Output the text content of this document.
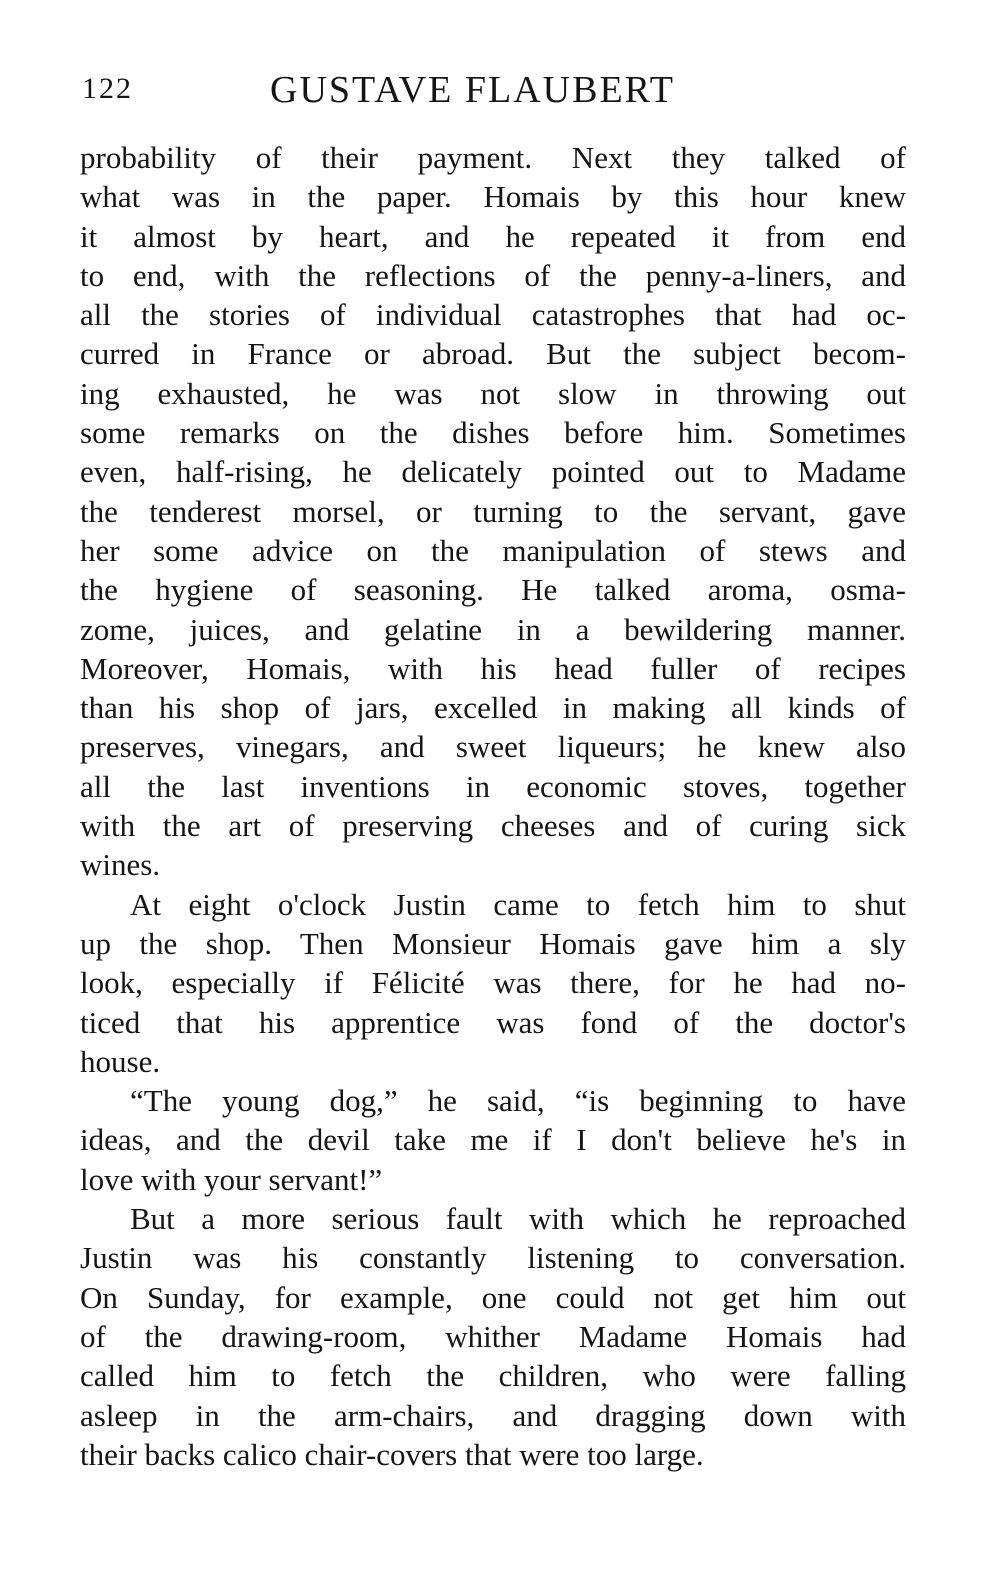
122	GUSTAVE FLAUBERT
probability of their payment. Next they talked of
what was in the paper. Homais by this hour knew
it almost by heart, and he repeated it from end
to end, with the reflections of the penny-a-liners, and
all the stories of individual catastrophes that had oc-
curred in France or abroad. But the subject becom-
ing exhausted, he was not slow in throwing out
some remarks on the dishes before him. Sometimes
even, half-rising, he delicately pointed out to Madame
the tenderest morsel, or turning to the servant, gave
her some advice on the manipulation of stews and
the hygiene of seasoning. He talked aroma, osma-
zome, juices, and gelatine in a bewildering manner.
Moreover, Homais, with his head fuller of recipes
than his shop of jars, excelled in making all kinds of
preserves, vinegars, and sweet liqueurs; he knew also
all the last inventions in economic stoves, together
with the art of preserving cheeses and of curing sick
wines.
At eight o'clock Justin came to fetch him to shut
up the shop. Then Monsieur Homais gave him a sly
look, especially if Félicité was there, for he had no-
ticed that his apprentice was fond of the doctor's
house.
“The young dog,” he said, “is beginning to have
ideas, and the devil take me if I don't believe he's in
love with your servant!”
But a more serious fault with which he reproached
Justin was his constantly listening to conversation.
On Sunday, for example, one could not get him out
of the drawing-room, whither Madame Homais had
called him to fetch the children, who were falling
asleep in the arm-chairs, and dragging down with
their backs calico chair-covers that were too large.
